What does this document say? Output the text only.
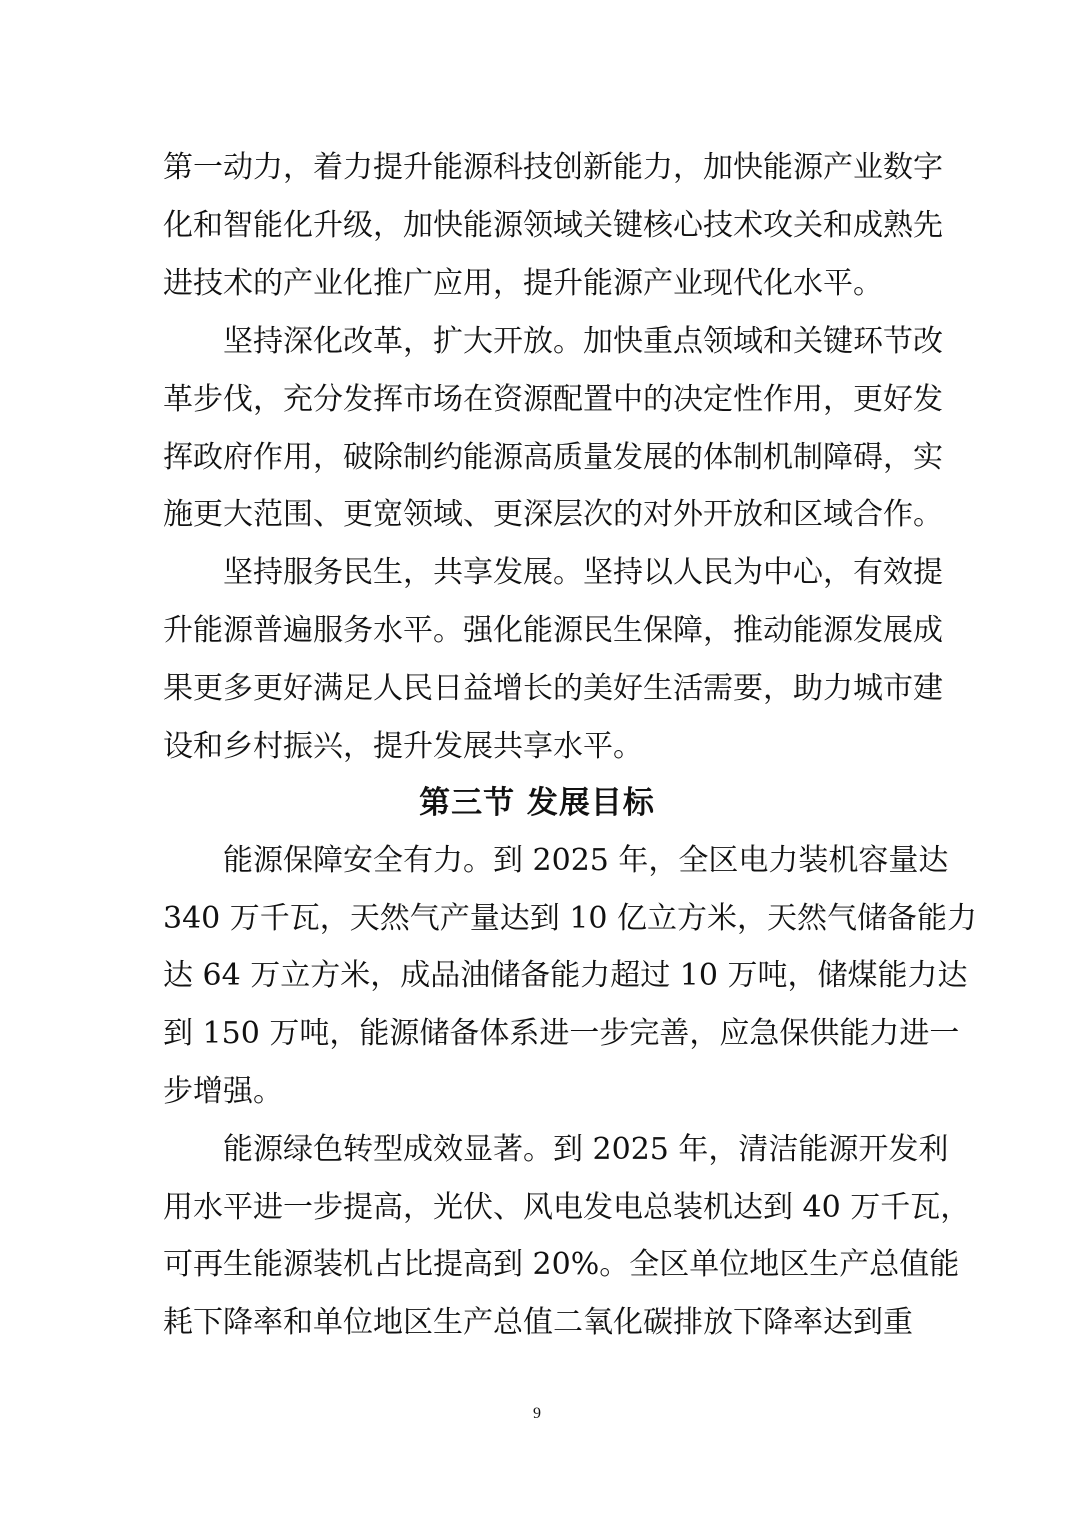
第一动力，着力提升能源科技创新能力，加快能源产业数字
化和智能化升级，加快能源领域关键核心技术攻关和成熟先
进技术的产业化推广应用，提升能源产业现代化水平。
坚持深化改革，扩大开放。加快重点领域和关键环节改
革步伐，充分发挥市场在资源配置中的决定性作用，更好发
挥政府作用，破除制约能源高质量发展的体制机制障碍，实
施更大范围、更宽领域、更深层次的对外开放和区域合作。
坚持服务民生，共享发展。坚持以人民为中心，有效提
升能源普遍服务水平。强化能源民生保障，推动能源发展成
果更多更好满足人民日益增长的美好生活需要，助力城市建
设和乡村振兴，提升发展共享水平。
第三节 发展目标
能源保障安全有力。到 2025 年，全区电力装机容量达
340 万千瓦，天然气产量达到 10 亿立方米，天然气储备能力
达 64 万立方米，成品油储备能力超过 10 万吨，储煤能力达
到 150 万吨，能源储备体系进一步完善，应急保供能力进一
步增强。
能源绿色转型成效显著。到 2025 年，清洁能源开发利
用水平进一步提高，光伏、风电发电总装机达到 40 万千瓦，
可再生能源装机占比提高到 20%。全区单位地区生产总值能
耗下降率和单位地区生产总值二氧化碳排放下降率达到重
9
